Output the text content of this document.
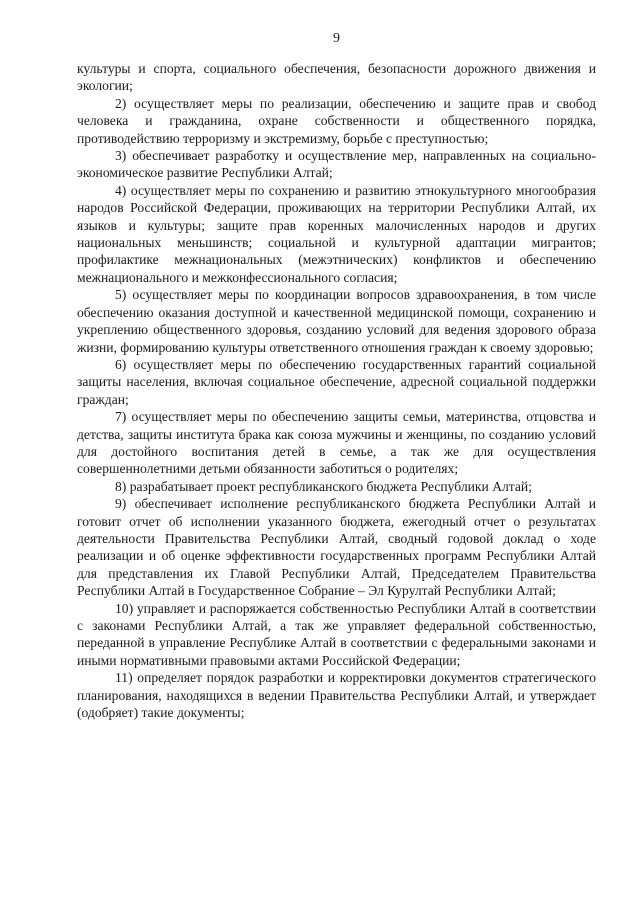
9

культуры и спорта, социального обеспечения, безопасности дорожного движения и экологии;

2) осуществляет меры по реализации, обеспечению и защите прав и свобод человека и гражданина, охране собственности и общественного порядка, противодействию терроризму и экстремизму, борьбе с преступностью;

3) обеспечивает разработку и осуществление мер, направленных на социально-экономическое развитие Республики Алтай;

4) осуществляет меры по сохранению и развитию этнокультурного многообразия народов Российской Федерации, проживающих на территории Республики Алтай, их языков и культуры; защите прав коренных малочисленных народов и других национальных меньшинств; социальной и культурной адаптации мигрантов; профилактике межнациональных (межэтнических) конфликтов и обеспечению межнационального и межконфессионального согласия;

5) осуществляет меры по координации вопросов здравоохранения, в том числе обеспечению оказания доступной и качественной медицинской помощи, сохранению и укреплению общественного здоровья, созданию условий для ведения здорового образа жизни, формированию культуры ответственного отношения граждан к своему здоровью;

6) осуществляет меры по обеспечению государственных гарантий социальной защиты населения, включая социальное обеспечение, адресной социальной поддержки граждан;

7) осуществляет меры по обеспечению защиты семьи, материнства, отцовства и детства, защиты института брака как союза мужчины и женщины, по созданию условий для достойного воспитания детей в семье, а так же для осуществления совершеннолетними детьми обязанности заботиться о родителях;

8) разрабатывает проект республиканского бюджета Республики Алтай;

9) обеспечивает исполнение республиканского бюджета Республики Алтай и готовит отчет об исполнении указанного бюджета, ежегодный отчет о результатах деятельности Правительства Республики Алтай, сводный годовой доклад о ходе реализации и об оценке эффективности государственных программ Республики Алтай для представления их Главой Республики Алтай, Председателем Правительства Республики Алтай в Государственное Собрание – Эл Курултай Республики Алтай;

10) управляет и распоряжается собственностью Республики Алтай в соответствии с законами Республики Алтай, а так же управляет федеральной собственностью, переданной в управление Республике Алтай в соответствии с федеральными законами и иными нормативными правовыми актами Российской Федерации;

11) определяет порядок разработки и корректировки документов стратегического планирования, находящихся в ведении Правительства Республики Алтай, и утверждает (одобряет) такие документы;
